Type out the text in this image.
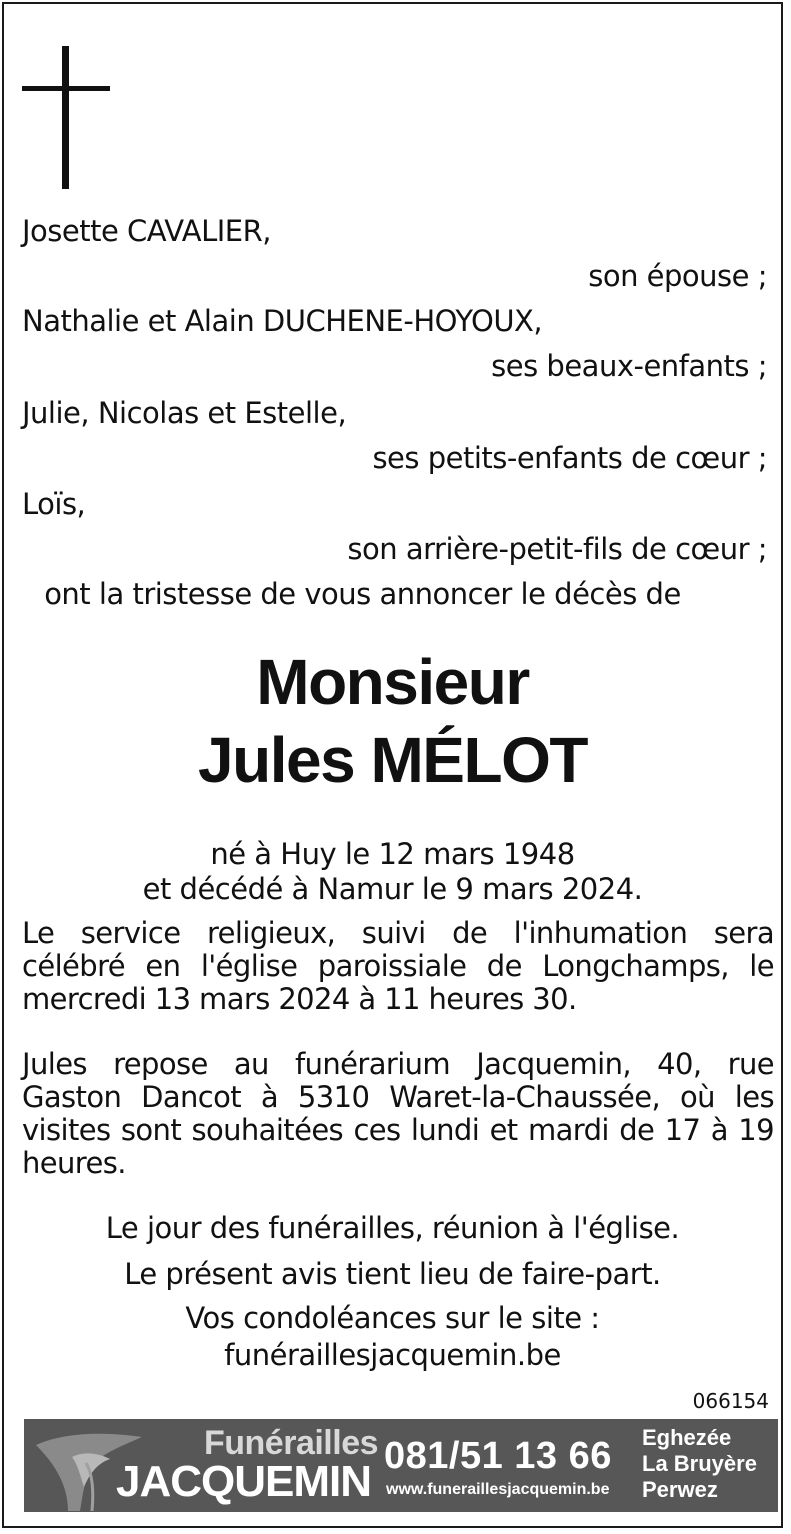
Josette CAVALIER,
son épouse ;
Nathalie et Alain DUCHENE-HOYOUX,
ses beaux-enfants ;
Julie, Nicolas et Estelle,
ses petits-enfants de cœur ;
Loïs,
son arrière-petit-fils de cœur ;
ont la tristesse de vous annoncer le décès de
Monsieur
Jules MÉLOT
né à Huy le 12 mars 1948
et décédé à Namur le 9 mars 2024.
Le service religieux, suivi de l'inhumation sera célébré en l'église paroissiale de Longchamps, le mercredi 13 mars 2024 à 11 heures 30.
Jules repose au funérarium Jacquemin, 40, rue Gaston Dancot à 5310 Waret-la-Chaussée, où les visites sont souhaitées ces lundi et mardi de 17 à 19 heures.
Le jour des funérailles, réunion à l'église.
Le présent avis tient lieu de faire-part.
Vos condoléances sur le site :
funéraillesjacquemin.be
066154
Funérailles
JACQUEMIN
081/51 13 66
www.funeraillesjacquemin.be
Eghezée
La Bruyère
Perwez
